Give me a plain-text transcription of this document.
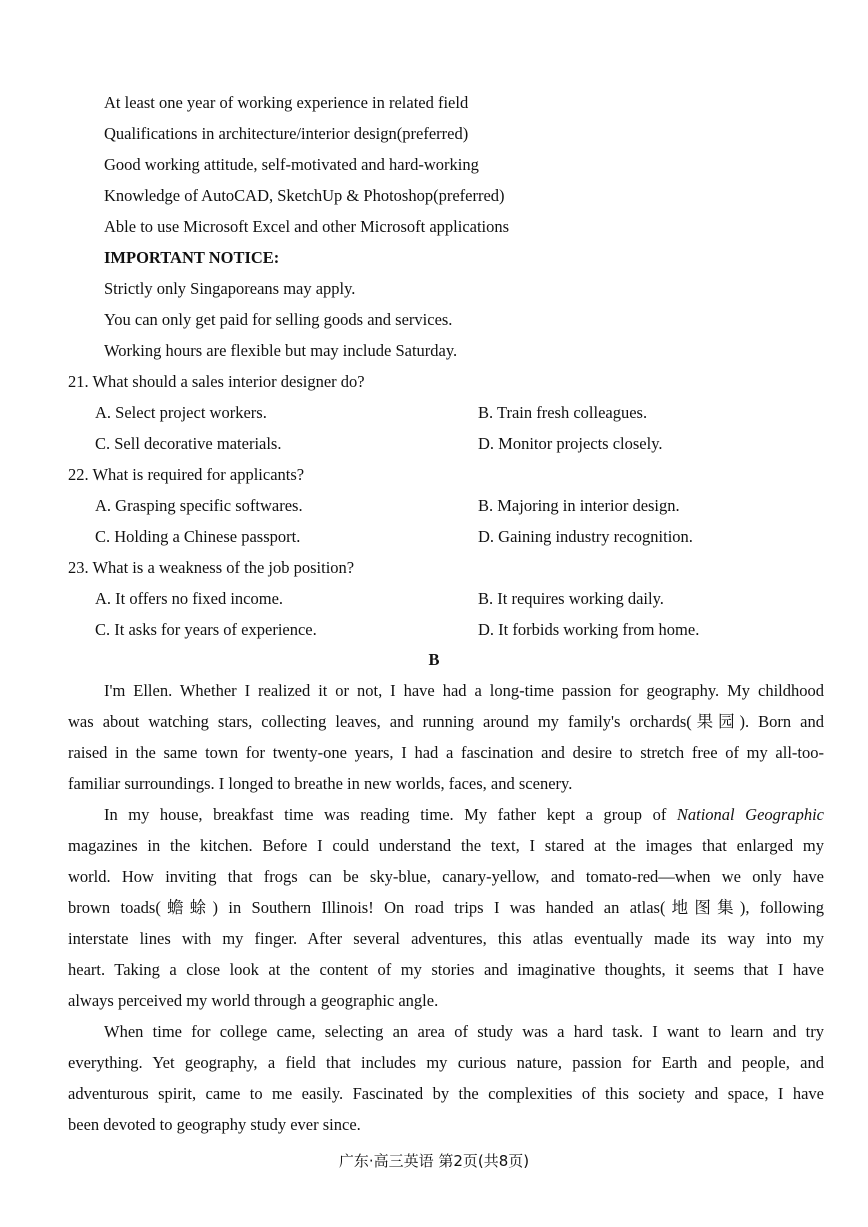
At least one year of working experience in related field
Qualifications in architecture/interior design(preferred)
Good working attitude, self-motivated and hard-working
Knowledge of AutoCAD, SketchUp & Photoshop(preferred)
Able to use Microsoft Excel and other Microsoft applications
IMPORTANT NOTICE:
Strictly only Singaporeans may apply.
You can only get paid for selling goods and services.
Working hours are flexible but may include Saturday.
21. What should a sales interior designer do?
A. Select project workers.	B. Train fresh colleagues.
C. Sell decorative materials.	D. Monitor projects closely.
22. What is required for applicants?
A. Grasping specific softwares.	B. Majoring in interior design.
C. Holding a Chinese passport.	D. Gaining industry recognition.
23. What is a weakness of the job position?
A. It offers no fixed income.	B. It requires working daily.
C. It asks for years of experience.	D. It forbids working from home.
B
I'm Ellen. Whether I realized it or not, I have had a long-time passion for geography. My childhood
was about watching stars, collecting leaves, and running around my family's orchards(果园). Born and
raised in the same town for twenty-one years, I had a fascination and desire to stretch free of my all-too-
familiar surroundings. I longed to breathe in new worlds, faces, and scenery.
In my house, breakfast time was reading time. My father kept a group of National Geographic
magazines in the kitchen. Before I could understand the text, I stared at the images that enlarged my
world. How inviting that frogs can be sky-blue, canary-yellow, and tomato-red—when we only have
brown toads(蟾蜍) in Southern Illinois! On road trips I was handed an atlas(地图集), following
interstate lines with my finger. After several adventures, this atlas eventually made its way into my
heart. Taking a close look at the content of my stories and imaginative thoughts, it seems that I have
always perceived my world through a geographic angle.
When time for college came, selecting an area of study was a hard task. I want to learn and try
everything. Yet geography, a field that includes my curious nature, passion for Earth and people, and
adventurous spirit, came to me easily. Fascinated by the complexities of this society and space, I have
been devoted to geography study ever since.
广东·高三英语 第2页(共8页)
